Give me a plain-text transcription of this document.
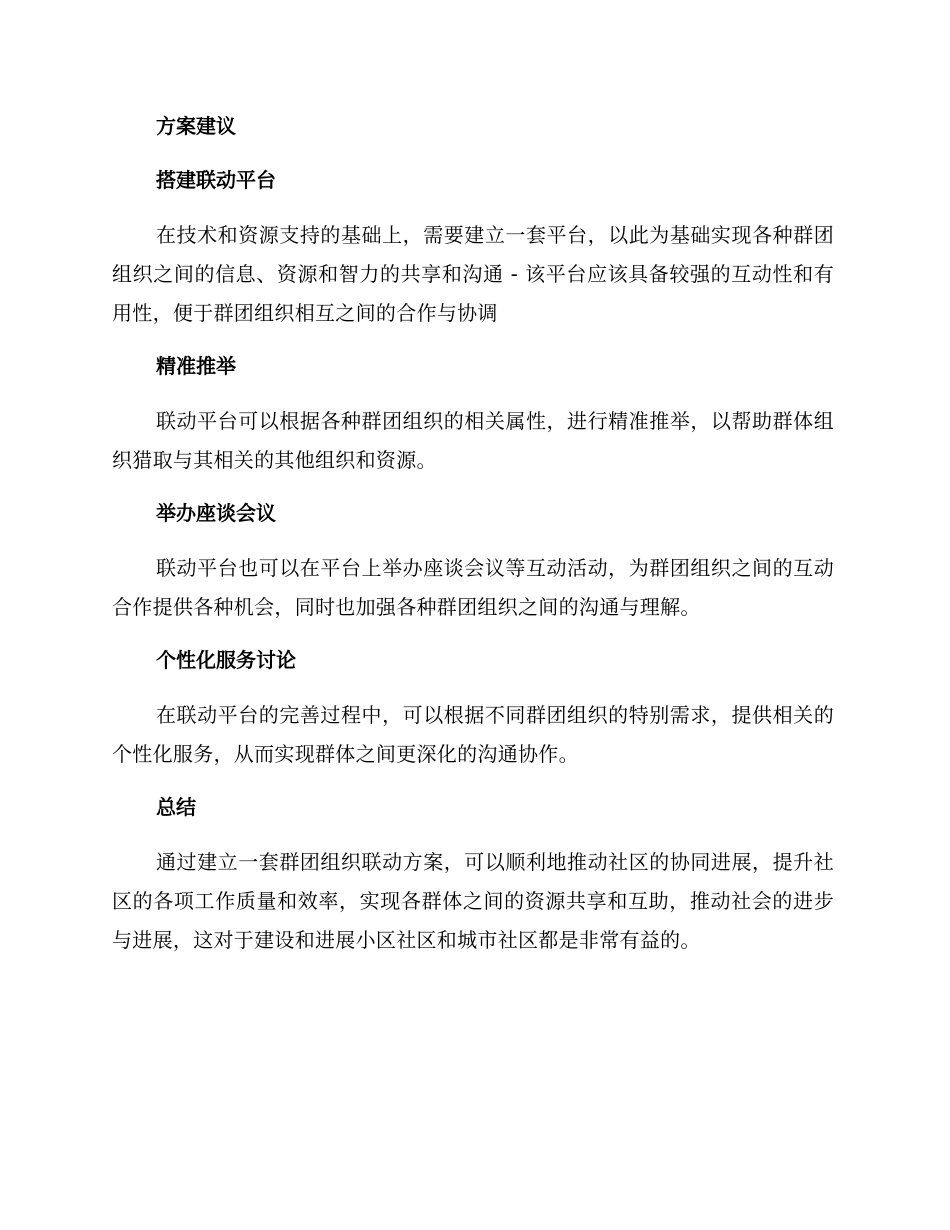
方案建议
搭建联动平台

在技术和资源支持的基础上，需要建立一套平台，以此为基础实现各种群团组织之间的信息、资源和智力的共享和沟通 - 该平台应该具备较强的互动性和有用性，便于群团组织相互之间的合作与协调

精准推举

联动平台可以根据各种群团组织的相关属性，进行精准推举，以帮助群体组织猎取与其相关的其他组织和资源。

举办座谈会议

联动平台也可以在平台上举办座谈会议等互动活动，为群团组织之间的互动合作提供各种机会，同时也加强各种群团组织之间的沟通与理解。

个性化服务讨论

在联动平台的完善过程中，可以根据不同群团组织的特别需求，提供相关的个性化服务，从而实现群体之间更深化的沟通协作。

总结

通过建立一套群团组织联动方案，可以顺利地推动社区的协同进展，提升社区的各项工作质量和效率，实现各群体之间的资源共享和互助，推动社会的进步与进展，这对于建设和进展小区社区和城市社区都是非常有益的。
